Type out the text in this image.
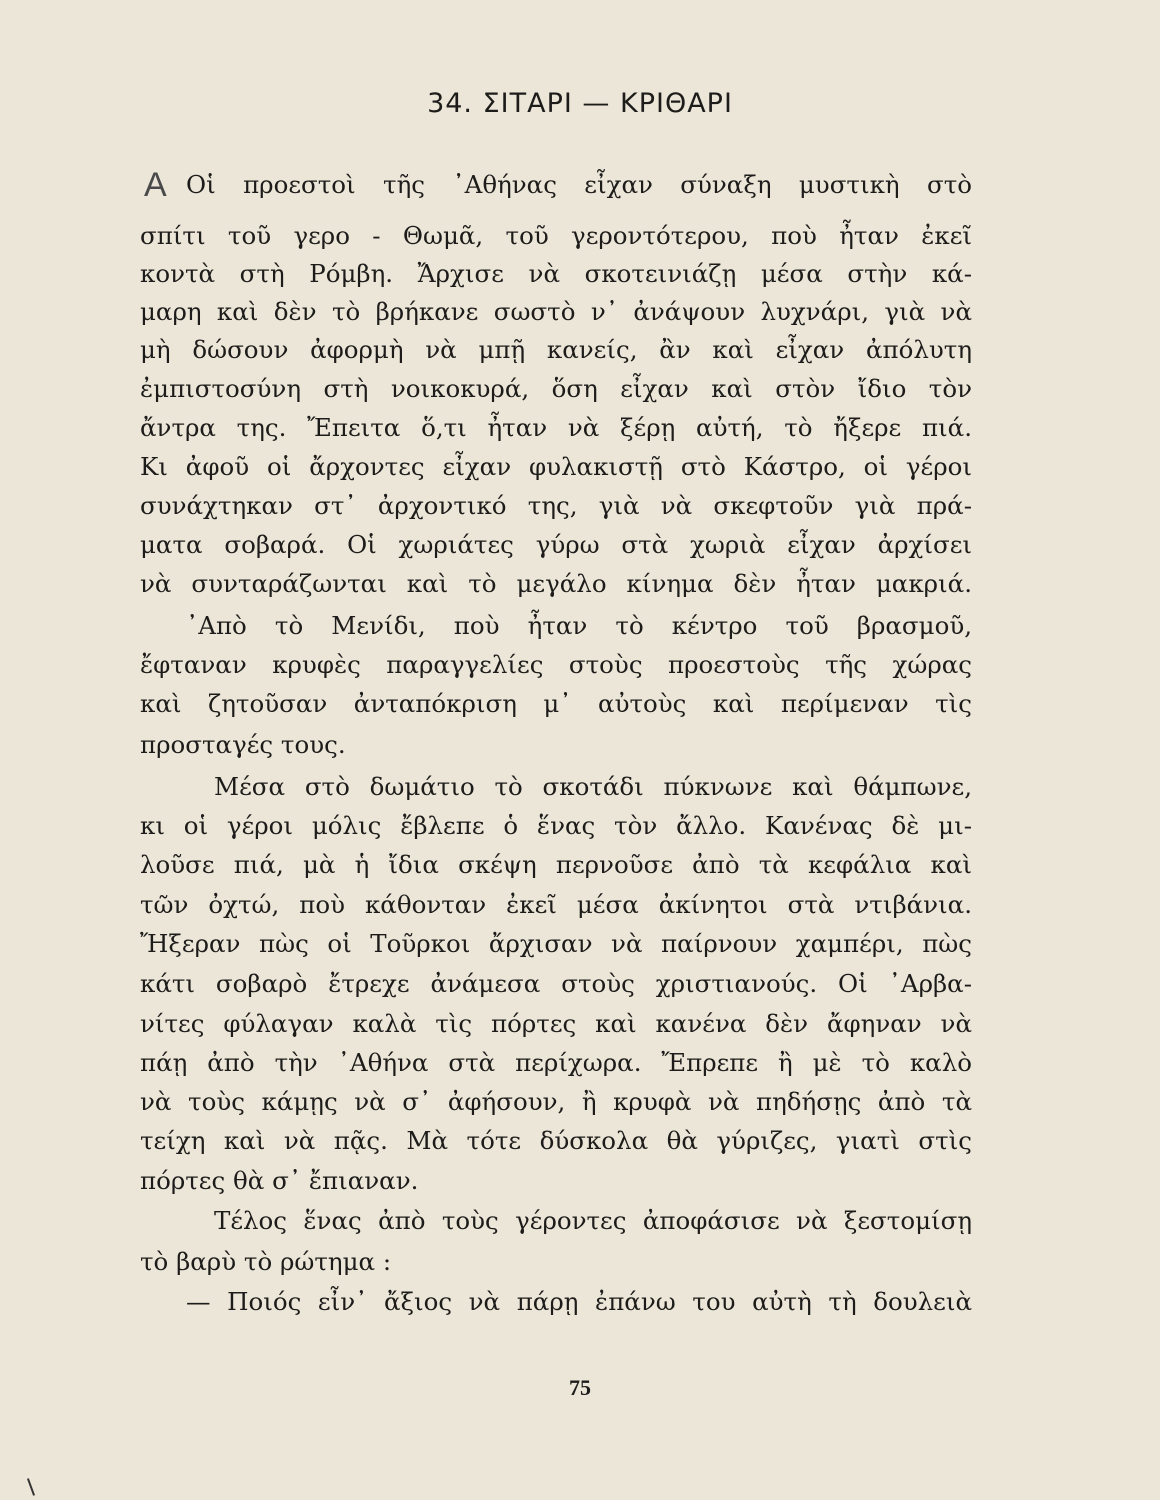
34. ΣΙΤΑΡΙ — ΚΡΙΘΑΡΙ
A Οἱ προεστοὶ τῆς ᾿Αθήνας εἶχαν σύναξη μυστικὴ στὸ
σπίτι τοῦ γερο - Θωμᾶ, τοῦ γεροντότερου, ποὺ ἦταν ἐκεῖ
κοντὰ στὴ Ρόμβη. Ἄρχισε νὰ σκοτεινιάζῃ μέσα στὴν κά-
μαρη καὶ δὲν τὸ βρήκανε σωστὸ ν᾿ ἀνάψουν λυχνάρι, γιὰ νὰ
μὴ δώσουν ἀφορμὴ νὰ μπῇ κανείς, ἂν καὶ εἶχαν ἀπόλυτη
ἐμπιστοσύνη στὴ νοικοκυρά, ὅση εἶχαν καὶ στὸν ἴδιο τὸν
ἄντρα της. Ἔπειτα ὅ,τι ἦταν νὰ ξέρῃ αὐτή, τὸ ἤξερε πιά.
Κι ἀφοῦ οἱ ἄρχοντες εἶχαν φυλακιστῇ στὸ Κάστρο, οἱ γέροι
συνάχτηκαν στ᾿ ἀρχοντικό της, γιὰ νὰ σκεφτοῦν γιὰ πρά-
ματα σοβαρά. Οἱ χωριάτες γύρω στὰ χωριὰ εἶχαν ἀρχίσει
νὰ συνταράζωνται καὶ τὸ μεγάλο κίνημα δὲν ἦταν μακριά.
᾿Απὸ τὸ Μενίδι, ποὺ ἦταν τὸ κέντρο τοῦ βρασμοῦ,
ἔφταναν κρυφὲς παραγγελίες στοὺς προεστοὺς τῆς χώρας
καὶ ζητοῦσαν ἀνταπόκριση μ᾿ αὐτοὺς καὶ περίμεναν τὶς
προσταγές τους.
Μέσα στὸ δωμάτιο τὸ σκοτάδι πύκνωνε καὶ θάμπωνε,
κι οἱ γέροι μόλις ἔβλεπε ὁ ἕνας τὸν ἄλλο. Κανένας δὲ μι-
λοῦσε πιά, μὰ ἡ ἴδια σκέψη περνοῦσε ἀπὸ τὰ κεφάλια καὶ
τῶν ὀχτώ, ποὺ κάθονταν ἐκεῖ μέσα ἀκίνητοι στὰ ντιβάνια.
Ἤξεραν πὼς οἱ Τοῦρκοι ἄρχισαν νὰ παίρνουν χαμπέρι, πὼς
κάτι σοβαρὸ ἔτρεχε ἀνάμεσα στοὺς χριστιανούς. Οἱ ᾿Αρβα-
νίτες φύλαγαν καλὰ τὶς πόρτες καὶ κανένα δὲν ἄφηναν νὰ
πάῃ ἀπὸ τὴν ᾿Αθήνα στὰ περίχωρα. Ἔπρεπε ἢ μὲ τὸ καλὸ
νὰ τοὺς κάμῃς νὰ σ᾿ ἀφήσουν, ἢ κρυφὰ νὰ πηδήσῃς ἀπὸ τὰ
τείχη καὶ νὰ πᾷς. Μὰ τότε δύσκολα θὰ γύριζες, γιατὶ στὶς
πόρτες θὰ σ᾿ ἔπιαναν.
Τέλος ἕνας ἀπὸ τοὺς γέροντες ἀποφάσισε νὰ ξεστομίσῃ
τὸ βαρὺ τὸ ρώτημα :
— Ποιός εἶν᾿ ἄξιος νὰ πάρῃ ἐπάνω του αὐτὴ τὴ δουλειὰ
75
